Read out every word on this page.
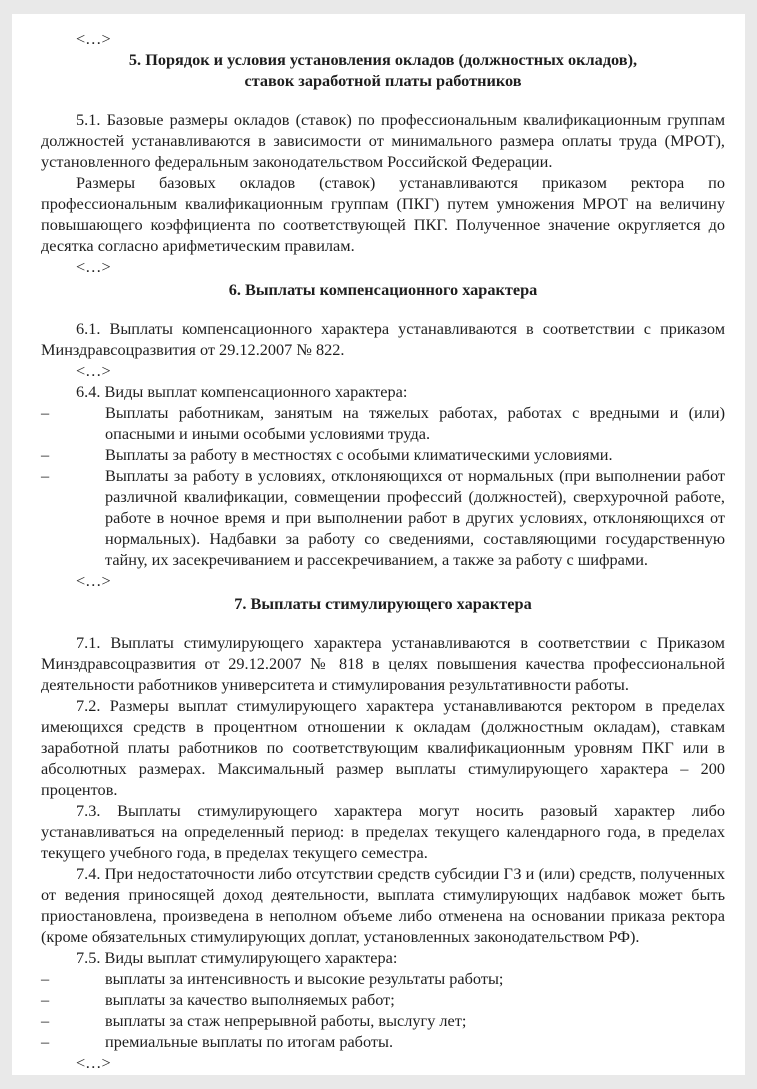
<…>
5. Порядок и условия установления окладов (должностных окладов),
ставок заработной платы работников

5.1. Базовые размеры окладов (ставок) по профессиональным квалификационным группам должностей устанавливаются в зависимости от минимального размера оплаты труда (МРОТ), установленного федеральным законодательством Российской Федерации.

Размеры базовых окладов (ставок) устанавливаются приказом ректора по профессиональным квалификационным группам (ПКГ) путем умножения МРОТ на величину повышающего коэффициента по соответствующей ПКГ. Полученное значение округляется до десятка согласно арифметическим правилам.

<…>
6. Выплаты компенсационного характера

6.1. Выплаты компенсационного характера устанавливаются в соответствии с приказом Минздравсоцразвития от 29.12.2007 № 822.

<…>

6.4. Виды выплат компенсационного характера:

–	Выплаты работникам, занятым на тяжелых работах, работах с вредными и (или) опасными и иными особыми условиями труда.
–	Выплаты за работу в местностях с особыми климатическими условиями.
–	Выплаты за работу в условиях, отклоняющихся от нормальных (при выполнении работ различной квалификации, совмещении профессий (должностей), сверхурочной работе, работе в ночное время и при выполнении работ в других условиях, отклоняющихся от нормальных). Надбавки за работу со сведениями, составляющими государственную тайну, их засекречиванием и рассекречиванием, а также за работу с шифрами.
<…>
7. Выплаты стимулирующего характера

7.1. Выплаты стимулирующего характера устанавливаются в соответствии с Приказом Минздравсоцразвития от 29.12.2007 № 818 в целях повышения качества профессиональной деятельности работников университета и стимулирования результативности работы.

7.2. Размеры выплат стимулирующего характера устанавливаются ректором в пределах имеющихся средств в процентном отношении к окладам (должностным окладам), ставкам заработной платы работников по соответствующим квалификационным уровням ПКГ или в абсолютных размерах. Максимальный размер выплаты стимулирующего характера – 200 процентов.

7.3. Выплаты стимулирующего характера могут носить разовый характер либо устанавливаться на определенный период: в пределах текущего календарного года, в пределах текущего учебного года, в пределах текущего семестра.

7.4. При недостаточности либо отсутствии средств субсидии ГЗ и (или) средств, полученных от ведения приносящей доход деятельности, выплата стимулирующих надбавок может быть приостановлена, произведена в неполном объеме либо отменена на основании приказа ректора (кроме обязательных стимулирующих доплат, установленных законодательством РФ).

7.5. Виды выплат стимулирующего характера:

–	выплаты за интенсивность и высокие результаты работы;
–	выплаты за качество выполняемых работ;
–	выплаты за стаж непрерывной работы, выслугу лет;
–	премиальные выплаты по итогам работы.
<…>
